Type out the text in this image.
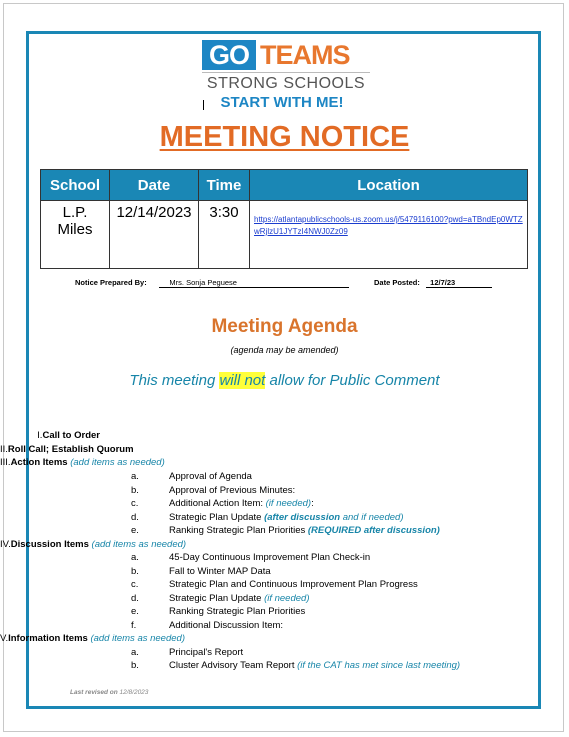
GO TEAMS
STRONG SCHOOLS
START WITH ME!
MEETING NOTICE
School	Date	Time	Location
L.P. Miles	12/14/2023	3:30	https://atlantapublicschools-us.zoom.us/j/5479116100?pwd=aTBndEp0WTZwRjlzU1JYTzI4NWJ0Zz09
Notice Prepared By:	Mrs. Sonja Peguese	Date Posted:	12/7/23
Meeting Agenda
(agenda may be amended)
This meeting will not allow for Public Comment
I.Call to Order
II.Roll Call; Establish Quorum
III.Action Items (add items as needed)
a.	Approval of Agenda
b.	Approval of Previous Minutes:
c.	Additional Action Item: (if needed):
d.	Strategic Plan Update (after discussion and if needed)
e.	Ranking Strategic Plan Priorities (REQUIRED after discussion)
IV.Discussion Items (add items as needed)
a.	45-Day Continuous Improvement Plan Check-in
b.	Fall to Winter MAP Data
c.	Strategic Plan and Continuous Improvement Plan Progress
d.	Strategic Plan Update (if needed)
e.	Ranking Strategic Plan Priorities
f.	Additional Discussion Item:
V.Information Items (add items as needed)
a.	Principal's Report
b.	Cluster Advisory Team Report (if the CAT has met since last meeting)
Last revised on 12/8/2023
